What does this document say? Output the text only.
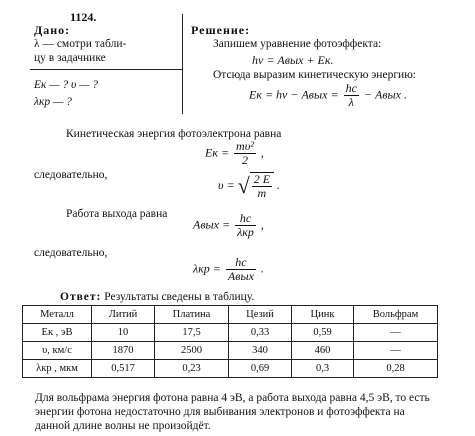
1124.
Дано:
λ — смотри табли-
цу в задачнике
Eк — ? υ — ?
λкр — ?
Решение:
Запишем уравнение фотоэффекта:
hν = Aвых + Eк.
Отсюда выразим кинетическую энергию:
Eк = hν − Aвых = $\frac{hc}{\lambda}$ − Aвых .
Кинетическая энергия фотоэлектрона равна
Eк = $\frac{\text{mυ²}}{2}$ ,
следовательно,
υ = √ $\frac{2 E}{m}$ .
Работа выхода равна
Aвых = $\frac{hc}{\text{λкр}}$ ,
следовательно,
$\lambda кр = \frac{hc}{\text{Aвых}}$ .
Ответ: Результаты сведены в таблицу.
Металл	Литий	Платина	Цезий	Цинк	Вольфрам
Eк , эВ	10	17,5	0,33	0,59	—
υ, км/с	1870	2500	340	460	—
λкр , мкм	0,517	0,23	0,69	0,3	0,28
Для вольфрама энергия фотона равна 4 эВ, а работа выхода равна 4,5 эВ, то есть энергии фотона недостаточно для выбивания электронов и фотоэффекта на данной длине волны не произойдёт.
